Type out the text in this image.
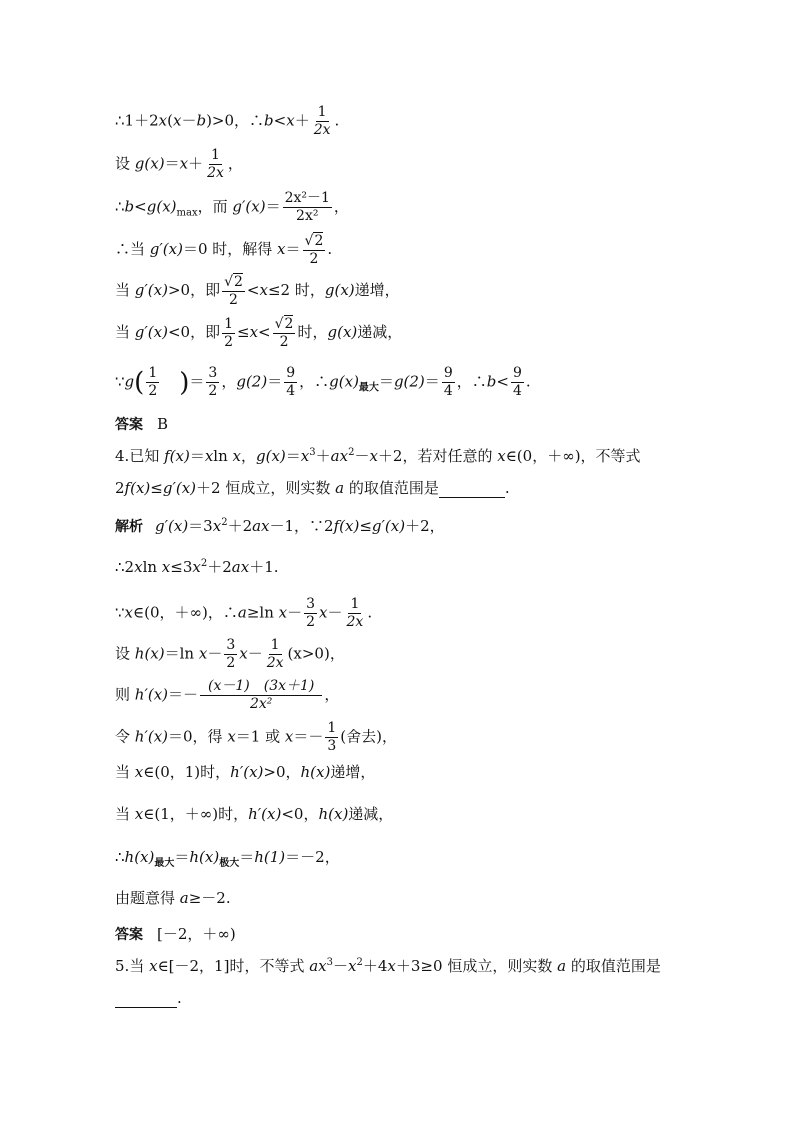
∴1＋2x(x－b)>0，∴b<x＋ $\frac{1}{2x}$ .
设 $g(x)=x+ \frac{1}{2x}$ ，
$\therefore b<g(x)_{max}$，而 $g'(x)= \frac{\text{2x²－1}}{\text{2x²}}$ ，
∴当 g′(x)＝0 时，解得 $x= \frac{√2}{2}$ .
当 g′(x)>0，即 $\frac{√2}{2} <x\le 2$ 时，g(x)递增，
当 g′(x)<0，即 $\frac{1}{2} \le x< \frac{√2}{2}$ 时，g(x)递减，
∵g( $\frac{1}{2}$ )＝ $\frac{3}{2}$ ，$g(2)= \frac{9}{4}$ ，$\therefore g(x)_{最大}=g(2)= \frac{9}{4}$ ，∴b< $\frac{9}{4}$ .
答案 B
4.已知 f(x)＝xln x，$g(x)=x^3+ax^2-x+2$，若对任意的 x∈(0，＋∞)，不等式
2f(x)≤g′(x)＋2 恒成立，则实数 a 的取值范围是	.
解析 $g'(x)=3x^2+2ax-1$，∵2f(x)≤g′(x)＋2，
∴2xln $x\le 3x^2+2ax+1$.
∵x∈(0，＋∞)，∴a≥ln $x- \frac{3}{2} x- \frac{1}{2x}$ .
设 h(x)＝ln $x- \frac{3}{2} x- \frac{1}{2x} (x>0)$，
则 $h'(x)=- \frac{(x-1) (3x+1)}{\text{2x²}}$ ，
令 h′(x)＝0，得 x＝1 或 $x=- \frac{1}{3}$ (舍去)，
当 x∈(0，1)时，h′(x)>0，h(x)递增，
当 x∈(1，＋∞)时，h′(x)<0，h(x)递减，
$\therefore h(x)_{最大}=h(x)_{极大}=h(1)=-2$，
由题意得 a≥－2.
答案 [－2，＋∞)
5.当 x∈[－2，1]时，不等式 $ax^3-x^2+4x+3\ge 0$ 恒成立，则实数 a 的取值范围是
.
